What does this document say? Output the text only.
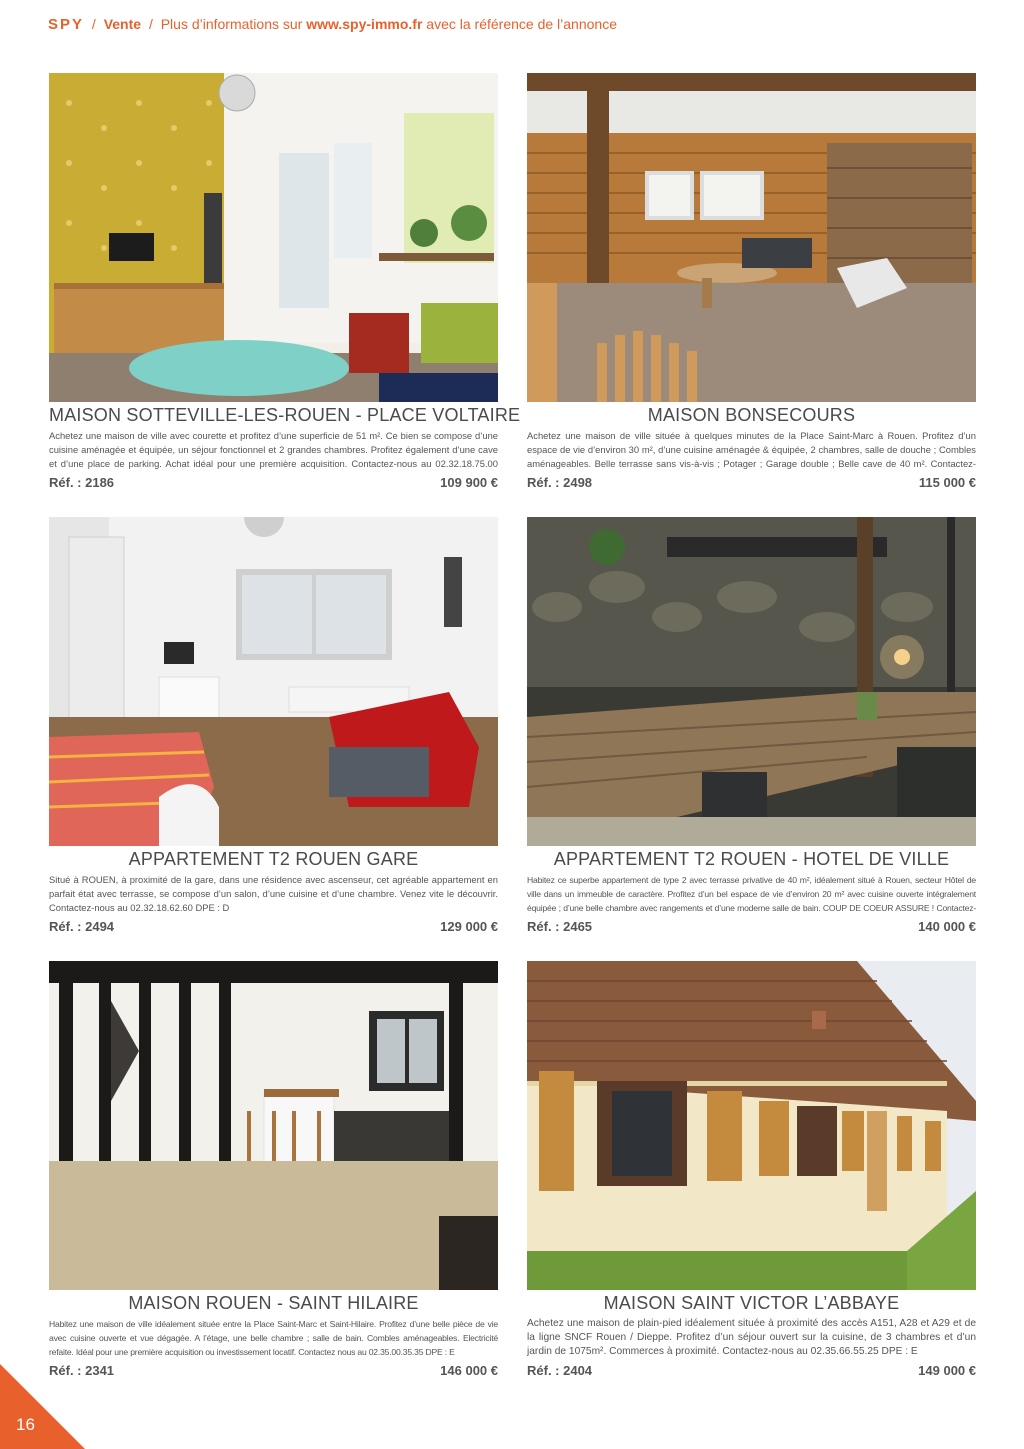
SPY / Vente / Plus d’informations sur www.spy-immo.fr avec la référence de l’annonce
MAISON SOTTEVILLE-LES-ROUEN - PLACE VOLTAIRE
Achetez une maison de ville avec courette et profitez d’une superficie de 51 m². Ce bien se compose d’une cuisine aménagée et équipée, un séjour fonctionnel et 2 grandes chambres. Profitez également d’une cave et d’une place de parking. Achat idéal pour une première acquisition. Contactez-nous au 02.32.18.75.00
Réf. : 2186	109 900 €
MAISON BONSECOURS
Achetez une maison de ville située à quelques minutes de la Place Saint-Marc à Rouen. Profitez d’un espace de vie d’environ 30 m², d’une cuisine aménagée & équipée, 2 chambres, salle de douche ; Combles aménageables. Belle terrasse sans vis-à-vis ; Potager ; Garage double ; Belle cave de 40 m². Contactez-
Réf. : 2498	115 000 €
APPARTEMENT T2 ROUEN GARE
Situé à ROUEN, à proximité de la gare, dans une résidence avec ascenseur, cet agréable appartement en parfait état avec terrasse, se compose d’un salon, d’une cuisine et d’une chambre. Venez vite le découvrir. Contactez-nous au 02.32.18.62.60 DPE : D
Réf. : 2494	129 000 €
APPARTEMENT T2 ROUEN - HOTEL DE VILLE
Habitez ce superbe appartement de type 2 avec terrasse privative de 40 m², idéalement situé à Rouen, secteur Hôtel de ville dans un immeuble de caractère. Profitez d’un bel espace de vie d’environ 20 m² avec cuisine ouverte intégralement équipée ; d’une belle chambre avec rangements et d’une moderne salle de bain. COUP DE COEUR ASSURE ! Contactez-
Réf. : 2465	140 000 €
MAISON ROUEN - SAINT HILAIRE
Habitez une maison de ville idéalement située entre la Place Saint-Marc et Saint-Hilaire. Profitez d’une belle pièce de vie avec cuisine ouverte et vue dégagée. A l’étage, une belle chambre ; salle de bain. Combles aménageables. Electricité refaite. Idéal pour une première acquisition ou investissement locatif. Contactez nous au 02.35.00.35.35 DPE : E
Réf. : 2341	146 000 €
MAISON SAINT VICTOR L’ABBAYE
Achetez une maison de plain-pied idéalement située à proximité des accès A151, A28 et A29 et de la ligne SNCF Rouen / Dieppe. Profitez d’un séjour ouvert sur la cuisine, de 3 chambres et d’un jardin de 1075m². Commerces à proximité. Contactez-nous au 02.35.66.55.25 DPE : E
Réf. : 2404	149 000 €
16
